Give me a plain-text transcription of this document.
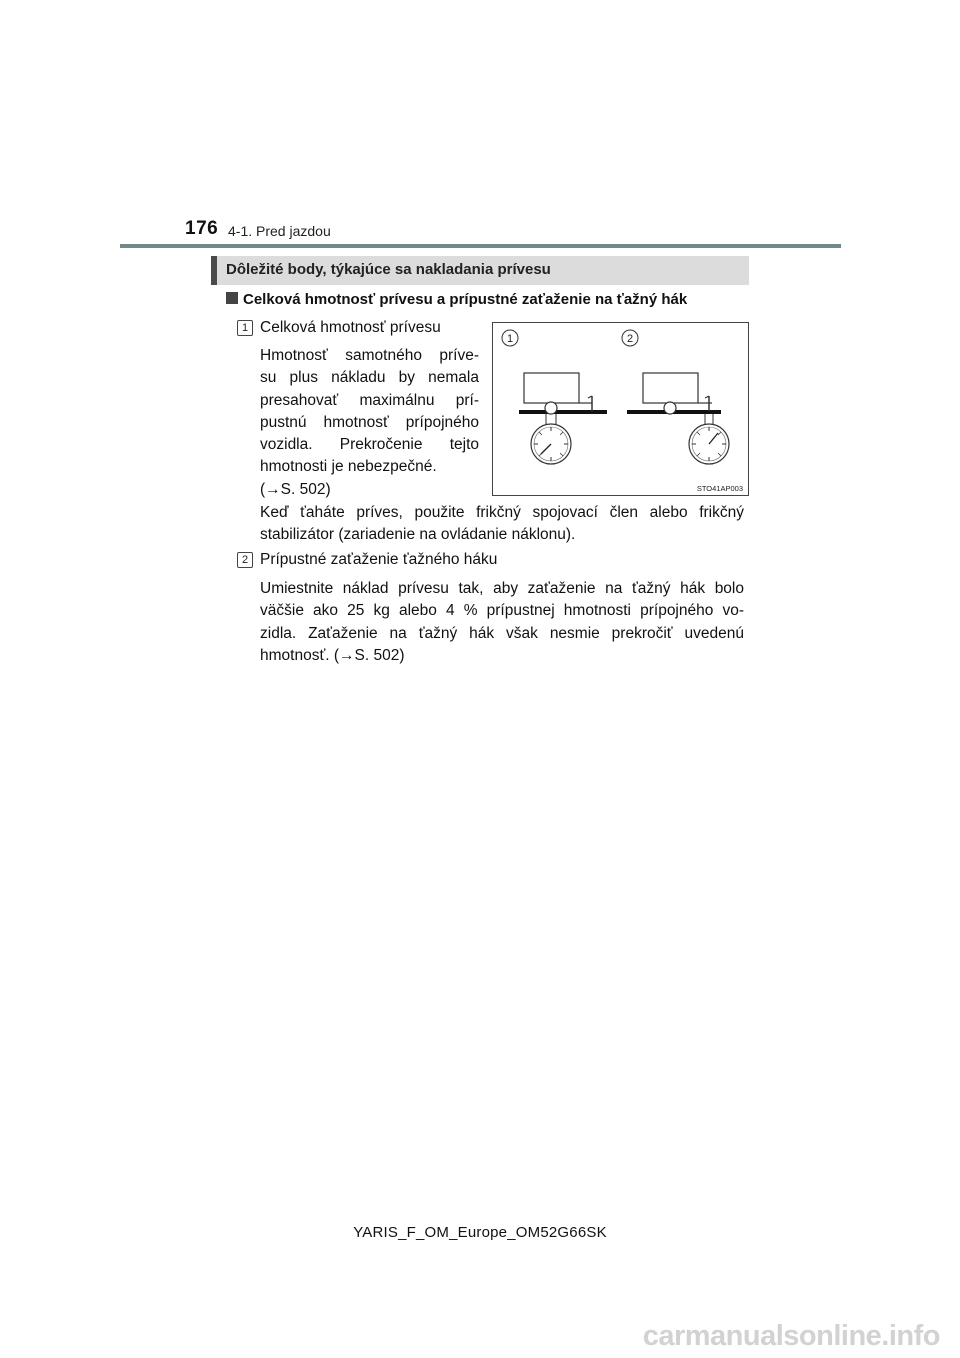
176 4-1. Pred jazdou
Dôležité body, týkajúce sa nakladania prívesu
Celková hmotnosť prívesu a prípustné zaťaženie na ťažný hák
1 Celková hmotnosť prívesu
Hmotnosť samotného príve-
su plus nákladu by nemala
presahovať maximálnu prí-
pustnú hmotnosť prípojného
vozidla. Prekročenie tejto
hmotnosti je nebezpečné.
(→S. 502)
Keď ťaháte príves, použite frikčný spojovací člen alebo frikčný
stabilizátor (zariadenie na ovládanie náklonu).
2 Prípustné zaťaženie ťažného háku
Umiestnite náklad prívesu tak, aby zaťaženie na ťažný hák bolo
väčšie ako 25 kg alebo 4 % prípustnej hmotnosti prípojného vo-
zidla. Zaťaženie na ťažný hák však nesmie prekročiť uvedenú
hmotnosť. (→S. 502)
1	2
STO41AP003
YARIS_F_OM_Europe_OM52G66SK
carmanualsonline.info
